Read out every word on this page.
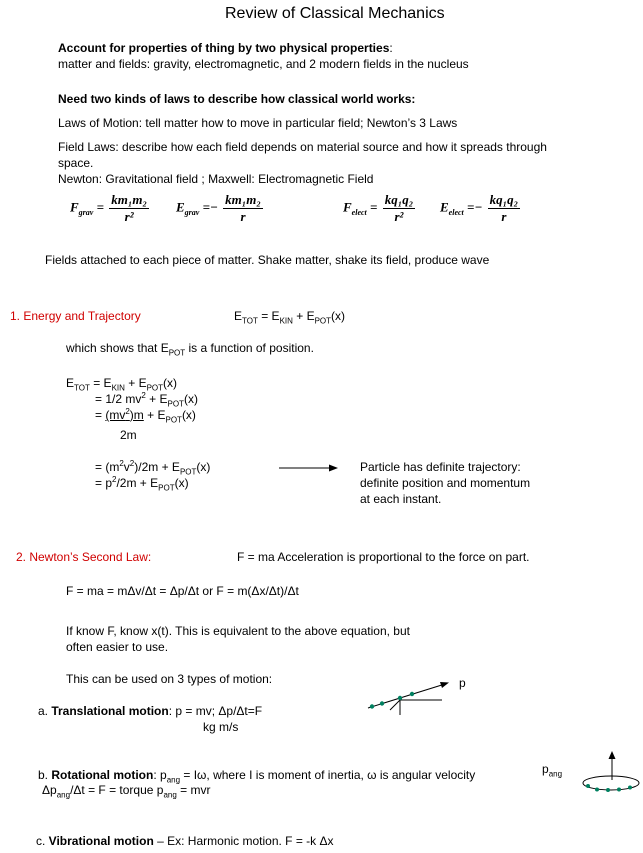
Review of Classical Mechanics
Account for properties of thing by two physical properties:
matter and fields: gravity, electromagnetic, and 2 modern fields in the nucleus
Need two kinds of laws to describe how classical world works:
Laws of Motion: tell matter how to move in particular field; Newton’s 3 Laws
Field Laws: describe how each field depends on material source and how it spreads through
space.
Newton: Gravitational field ; Maxwell: Electromagnetic Field
$F_{grav} = \frac{\text{km₁m₂}}{\text{r²}} E_{grav} =- \frac{\text{km₁m₂}}{r}$	$F_{elect} = \frac{\text{kq₁q₂}}{\text{r²}} E_{elect} =- \frac{\text{kq₁q₂}}{r}$
Fields attached to each piece of matter. Shake matter, shake its field, produce wave
1. Energy and Trajectory	$E_{TOT} = E_{KIN} + E_{POT}(x)$
which shows that $E_{POT}$ is a function of position.
$E_{TOT} = E_{KIN} + E_{POT}(x)$
= 1/2 $mv^2 + E_{POT}(x)$
= $(mv^2)m + E_{POT}(x)$
2m
= $(m^2v^2)/2m + E_{POT}(x)$
= $p^2/2m + E_{POT}(x)$
Particle has definite trajectory:
definite position and momentum
at each instant.
2. Newton’s Second Law:	F = ma Acceleration is proportional to the force on part.
F = ma = mΔv/Δt = Δp/Δt or F = m(Δx/Δt)/Δt
If know F, know x(t). This is equivalent to the above equation, but
often easier to use.
This can be used on 3 types of motion:	p
a. Translational motion: p = mv; Δp/Δt=F
kg m/s
b. Rotational motion: $p_{ang} = I\omega$, where I is moment of inertia, ω is angular velocity
$\Delta p_{ang}/\Delta t = F$ = torque $p_{ang}$ = mvr
$p_{ang}$
c. Vibrational motion – Ex: Harmonic motion. F = -k Δx
